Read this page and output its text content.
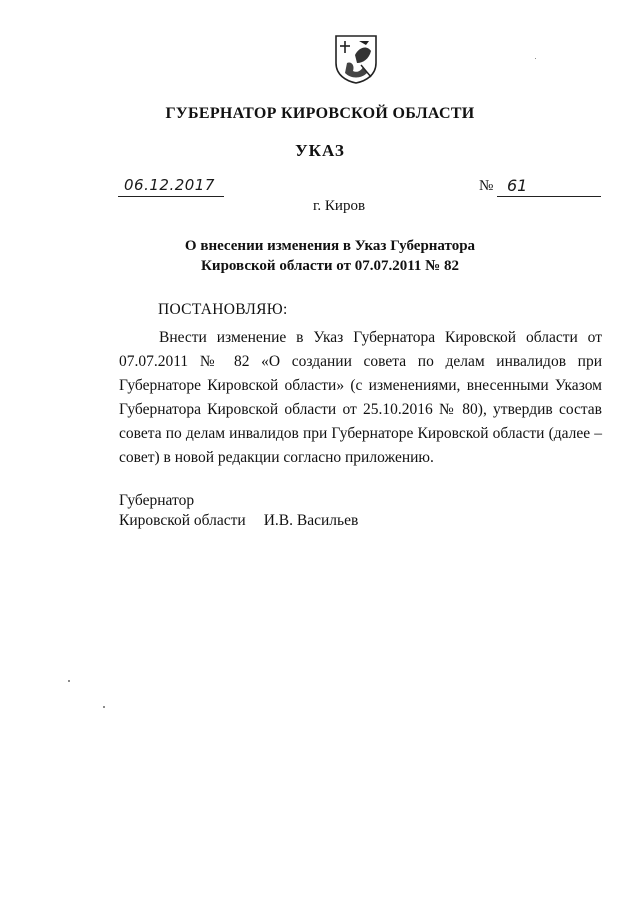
ГУБЕРНАТОР КИРОВСКОЙ ОБЛАСТИ
УКАЗ
06.12.2017	№ 61
г. Киров
О внесении изменения в Указ Губернатора
Кировской области от 07.07.2011 № 82
ПОСТАНОВЛЯЮ:
Внести изменение в Указ Губернатора Кировской области от 07.07.2011 № 82 «О создании совета по делам инвалидов при Губернаторе Кировской области» (с изменениями, внесенными Указом Губернатора Кировской области от 25.10.2016 № 80), утвердив состав совета по делам инвалидов при Губернаторе Кировской области (далее – совет) в новой редакции согласно приложению.
Губернатор
Кировской области И.В. Васильев
